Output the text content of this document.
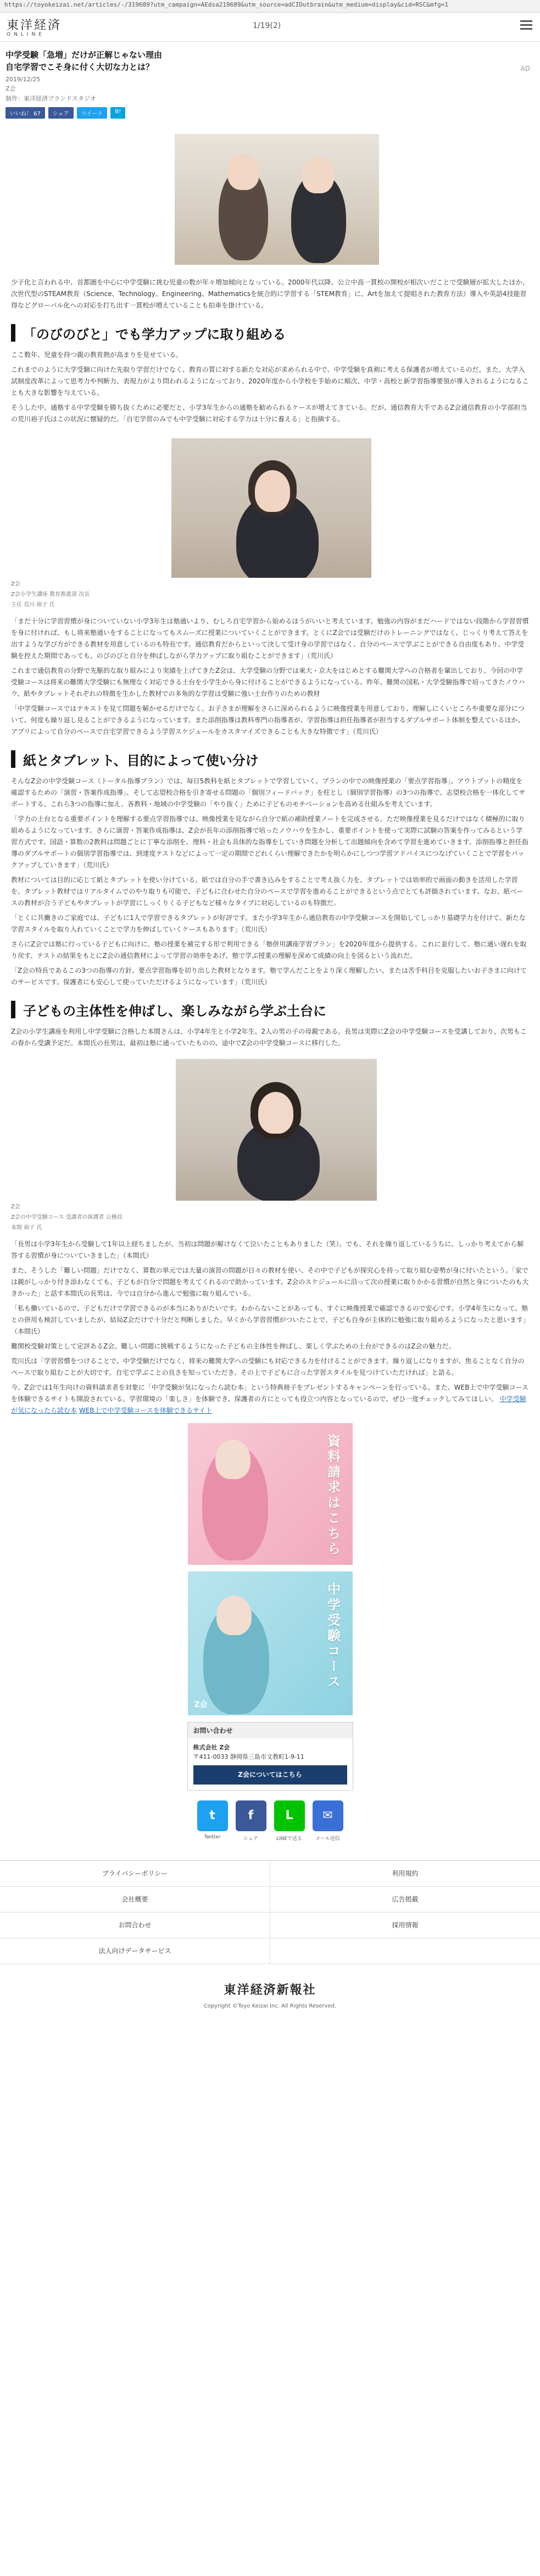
https://toyokeizai.net/articles/-/319689?utm_campaign=AEdsa219689&utm_source=adCIDutbrain&utm_medium=display&cid=RSC&mfg=1
東洋経済
ONLINE
1/19(2)
中学受験「急増」だけが正解じゃない理由
自宅学習でこそ身に付く大切な力とは？	AD
2019/12/25
Z会
制作：東洋経済ブランドスタジオ
いいね！ 67	シェア	ツイート	B!
少子化と言われる中、首都圏を中心に中学受験に挑む児童の数が年々増加傾向となっている。2000年代以降、公立中高一貫校の開校が相次いだことで受験層が拡大したほか、次世代型のSTEAM教育（Science、Technology、Engineering、Mathematicsを統合的に学習する「STEM教育」に、Artを加えて提唱された教育方法）導入や英語4技能習得などグローバル化への対応を打ち出す一貫校が増えていることも拍車を掛けている。
「のびのびと」でも学力アップに取り組める
ここ数年、児童を持つ親の教育熱が高まりを見せている。
これまでのように大学受験に向けた先取り学習だけでなく、教育の質に対する新たな対応が求められる中で、中学受験を真剣に考える保護者が増えているのだ。また、大学入試制度改革によって思考力や判断力、表現力がより問われるようになっており、2020年度から小学校を手始めに順次、中学・高校と新学習指導要領が導入されるようになることも大きな影響を与えている。
そうした中、通塾する中学受験を勝ち抜くために必要だと、小学3年生からの通塾を勧められるケースが増えてきている。だが、通信教育大手であるZ会通信教育の小学部担当の荒川裕子氏はこの状況に懐疑的だ。「自宅学習のみでも中学受験に対応する学力は十分に養える」と指摘する。
Z会
Z会小学生講座 教育推進部 次長
主任 荒川 裕子 氏
「まだ十分に学習習慣が身についていない小学3年生は塾通いより、むしろ自宅学習から始めるほうがいいと考えています。勉強の内容がまだハードではない段階から学習習慣を身に付ければ、もし将来塾通いをすることになってもスムーズに授業についていくことができます。とくにZ会では受験だけのトレーニングではなく、じっくり考えて答えを出すような学び方ができる教材を用意しているのも特長です。通信教育だからといって決して受け身の学習ではなく、自分のペースで学ぶことができる自由度もあり、中学受験を控えた期間であっても、のびのびと自分を伸ばしながら学力アップに取り組むことができます」（荒川氏）
これまで通信教育の分野で先駆的な取り組みにより実績を上げてきたZ会は、大学受験の分野では東大・京大をはじめとする難関大学への合格者を輩出しており、今回の中学受験コースは将来の難関大学受験にも無理なく対応できる土台を小学生から身に付けることができるようになっている。昨年、難関の国私・大学受験指導で培ってきたノウハウ、紙やタブレットそれぞれの特徴を生かした教材での多角的な学習は受験に強い土台作りのための教材
「中学受験コースではテキストを見て問題を解かせるだけでなく、お子さまが理解をさらに深められるように映像授業を用意しており、理解しにくいところや重要な部分について、何度も繰り返し見ることができるようになっています。また添削指導は教科専門の指導者が、学習指導は担任指導者が担当するダブルサポート体制を整えているほか、アプリによって自分のペースで自宅学習できるよう学習スケジュールをカスタマイズできることも大きな特徴です」（荒川氏）
紙とタブレット、目的によって使い分け
そんなZ会の中学受験コース（トータル指導プラン）では、毎日5教科を紙とタブレットで学習していく。プランの中での映像授業の「要点学習指導」、アウトプットの精度を確認するための「演習・答案作成指導」、そして志望校合格を引き寄せる問題の「個別フィードバック」を柱とし（個別学習指導）の3つの指導で、志望校合格を一体化してサポートする。これら3つの指導に加え、各教科・地域の中学受験の「やり抜く」ために子どものモチベーションを高める仕組みを考えています。
「学力の土台となる重要ポイントを理解する要点学習指導では、映像授業を見ながら自分で紙の補助授業ノートを完成させる。ただ映像授業を見るだけではなく積極的に取り組めるようになっています。さらに演習・答案作成指導は、Z会が長年の添削指導で培ったノウハウを生かし、重要ポイントを使って実際に試験の答案を作ってみるという学習方式です。国語・算数の2教科は問題ごとに丁寧な添削を、理科・社会も具体的な指導をしていき問題を分析して出題傾向を含めて学習を進めていきます。添削指導と担任指導のダブルサポートの個別学習指導では、到達度テストなどによって一定の期間でどれくらい理解できたかを明らかにしつつ学習アドバイスにつなげていくことで学習をバックアップしていきます」（荒川氏）
教材については目的に応じて紙とタブレットを使い分けている。紙では自分の手で書き込みをすることで考え抜く力を、タブレットでは効率的で画面の動きを活用した学習を。タブレット教材ではリアルタイムでのやり取りも可能で、子どもに合わせた自分のペースで学習を進めることができるという点でとても評価されています。なお、紙ベースの教材が合う子どもやタブレットが学習にしっくりくる子どもなど様々なタイプに対応しているのも特徴だ。
「とくに共働きのご家庭では、子どもに1人で学習できるタブレットが好評です。また小学3年生から通信教育の中学受験コースを開始してしっかり基礎学力を付けて、新たな学習スタイルを取り入れていくことで学力を伸ばしていくケースもあります」（荒川氏）
さらにZ会では塾に行っている子どもに向けに、塾の授業を補完する形で利用できる「塾併用講座学習プラン」を2020年度から提供する。これに並行して、塾に通い遅れを取り戻す、テストの結果をもとにZ会の通信教材によって学習の効率をあげ、塾で学ぶ授業の理解を深めて成績の向上を図るという流れだ。
「Z会の特長であるこの3つの指導の方針、要点学習指導を切り出した教材となります。塾で学んだことをより深く理解したい、または苦手科目を克服したいお子さまに向けてのサービスです。保護者にも安心して使っていただけるようになっています」（荒川氏）
子どもの主体性を伸ばし、楽しみながら学ぶ土台に
Z会の小学生講座を利用し中学受験に合格した本間さんは、小学4年生と小学2年生、2人の男の子の母親である。長男は実際にZ会の中学受験コースを受講しており、次男もこの春から受講予定だ。本間氏の長男は、最初は塾に通っていたものの、途中でZ会の中学受験コースに移行した。
Z会
Z会の中学受験コース 受講者の保護者 公務員
本間 裕子 氏
「長男は小学3年生から受験して1年以上経ちましたが、当初は問題が解けなくて泣いたこともありました（笑）。でも、それを繰り返しているうちに、しっかり考えてから解答する習慣が身についていきました」（本間氏）
また、そうした「難しい問題」だけでなく、算数の単元では大量の演習の問題が日々の教材を使い、その中で子どもが探究心を持って取り組む姿勢が身に付いたという。「家では親がしっかり付き添わなくても、子どもが自分で問題を考えてくれるので助かっています。Z会のスケジュールに沿って次の授業に取りかかる習慣が自然と身についたのも大きかった」と話す本間氏の長男は、今では自分から進んで勉強に取り組んでいる。
「私も働いているので、子どもだけで学習できるのが本当にありがたいです。わからないことがあっても、すぐに映像授業で確認できるので安心です。小学4年生になって、塾との併用も検討していましたが、結局Z会だけで十分だと判断しました。早くから学習習慣がついたことで、子ども自身が主体的に勉強に取り組めるようになったと思います」（本間氏）
難関校受験対策として定評あるZ会。難しい問題に挑戦するようになった子どもの主体性を伸ばし、楽しく学ぶための土台ができるのはZ会の魅力だ。
荒川氏は「学習習慣をつけることで、中学受験だけでなく、将来の難関大学への受験にも対応できる力を付けることができます。繰り返しになりますが、焦ることなく自分のペースで取り組むことが大切です。自宅で学ぶことの良さを知っていただき、その上で子どもに合った学習スタイルを見つけていただければ」と語る。
今、Z会では1年生向けの資料請求者を対象に「中学受験が気になったら読む本」という特典冊子をプレゼントするキャンペーンを行っている。また、WEB上で中学受験コースを体験できるサイトも開設されている。学習環境の「楽しさ」を体験でき、保護者の方にとっても役立つ内容となっているので、ぜひ一度チェックしてみてほしい。 中学受験が気になったら読む本 WEB上で中学受験コースを体験できるサイト
資料請求はこちら
中学受験コース
Z会
お問い合わせ
株式会社 Z会
〒411-0033 静岡県三島市文教町1-9-11
Z会についてはこちら
t	f	L	✉
Twitter	シェア	LINEで送る	メール送信
プライバシーポリシー	利用規約
会社概要	広告掲載
お問合わせ	採用情報
法人向けデータサービス
東洋経済新報社
Copyright ©Toyo Keizai Inc. All Rights Reserved.
